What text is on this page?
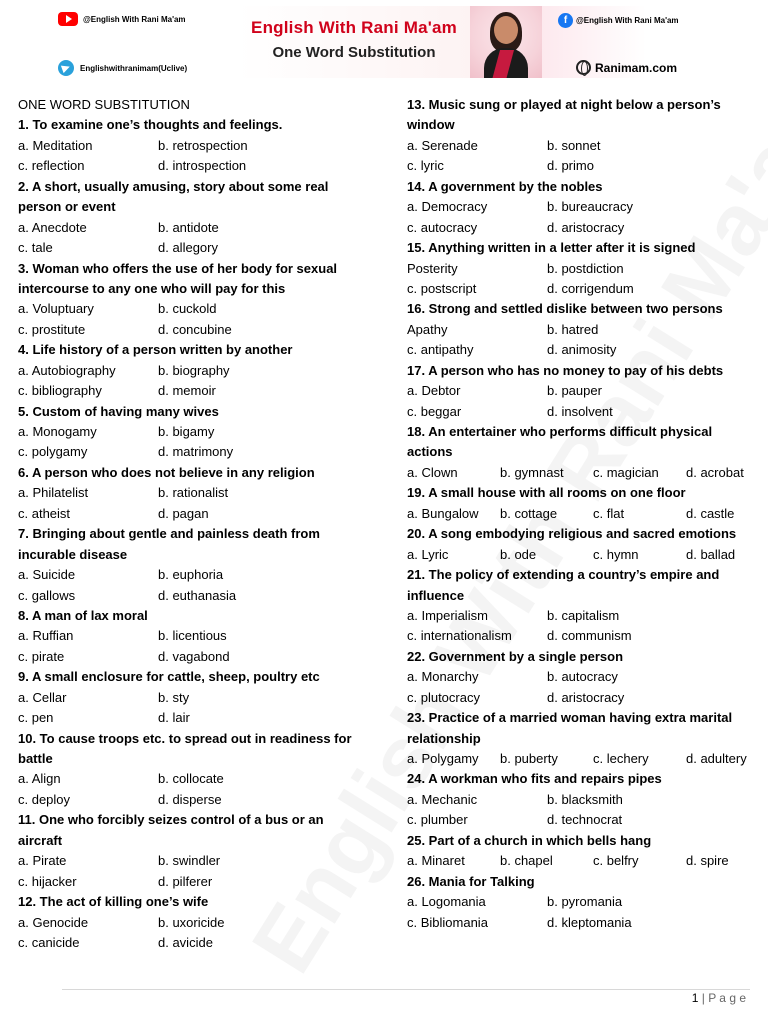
@English With Rani Ma'am
Englishwithranimam(Uclive)
English With Rani Ma'am
One Word Substitution
f	@English With Rani Ma'am
Ranimam.com
ONE WORD SUBSTITUTION
1. To examine one’s thoughts and feelings.
a. Meditation	b. retrospection
c. reflection	d. introspection
2. A short, usually amusing, story about some real
person or event
a. Anecdote	b. antidote
c. tale	d. allegory
3. Woman who offers the use of her body for sexual
intercourse to any one who will pay for this
a. Voluptuary	b. cuckold
c. prostitute	d. concubine
4. Life history of a person written by another
a. Autobiography	b. biography
c. bibliography	d. memoir
5. Custom of having many wives
a. Monogamy	b. bigamy
c. polygamy	d. matrimony
6. A person who does not believe in any religion
a. Philatelist	b. rationalist
c. atheist	d. pagan
7. Bringing about gentle and painless death from
incurable disease
a. Suicide	b. euphoria
c. gallows	d. euthanasia
8. A man of lax moral
a. Ruffian	b. licentious
c. pirate	d. vagabond
9. A small enclosure for cattle, sheep, poultry etc
a. Cellar	b. sty
c. pen	d. lair
10. To cause troops etc. to spread out in readiness for
battle
a. Align	b. collocate
c. deploy	d. disperse
11. One who forcibly seizes control of a bus or an
aircraft
a. Pirate	b. swindler
c. hijacker	d. pilferer
12. The act of killing one’s wife
a. Genocide	b. uxoricide
c. canicide	d. avicide
13. Music sung or played at night below a person’s
window
a. Serenade	b. sonnet
c. lyric	d. primo
14. A government by the nobles
a. Democracy	b. bureaucracy
c. autocracy	d. aristocracy
15. Anything written in a letter after it is signed
Posterity	b. postdiction
c. postscript	d. corrigendum
16. Strong and settled dislike between two persons
Apathy	b. hatred
c. antipathy	d. animosity
17. A person who has no money to pay of his debts
a. Debtor	b. pauper
c. beggar	d. insolvent
18. An entertainer who performs difficult physical
actions
a. Clown	b. gymnast c. magician d. acrobat
19. A small house with all rooms on one floor
a. Bungalow b. cottage	c. flat	d. castle
20. A song embodying religious and sacred emotions
a. Lyric	b. ode	c. hymn	d. ballad
21. The policy of extending a country’s empire and
influence
a. Imperialism	b. capitalism
c. internationalism	d. communism
22. Government by a single person
a. Monarchy	b. autocracy
c. plutocracy	d. aristocracy
23. Practice of a married woman having extra marital
relationship
a. Polygamy b. puberty	c. lechery	d. adultery
24. A workman who fits and repairs pipes
a. Mechanic	b. blacksmith
c. plumber	d. technocrat
25. Part of a church in which bells hang
a. Minaret	b. chapel	c. belfry	d. spire
26. Mania for Talking
a. Logomania	b. pyromania
c. Bibliomania	d. kleptomania
1 | P a g e
